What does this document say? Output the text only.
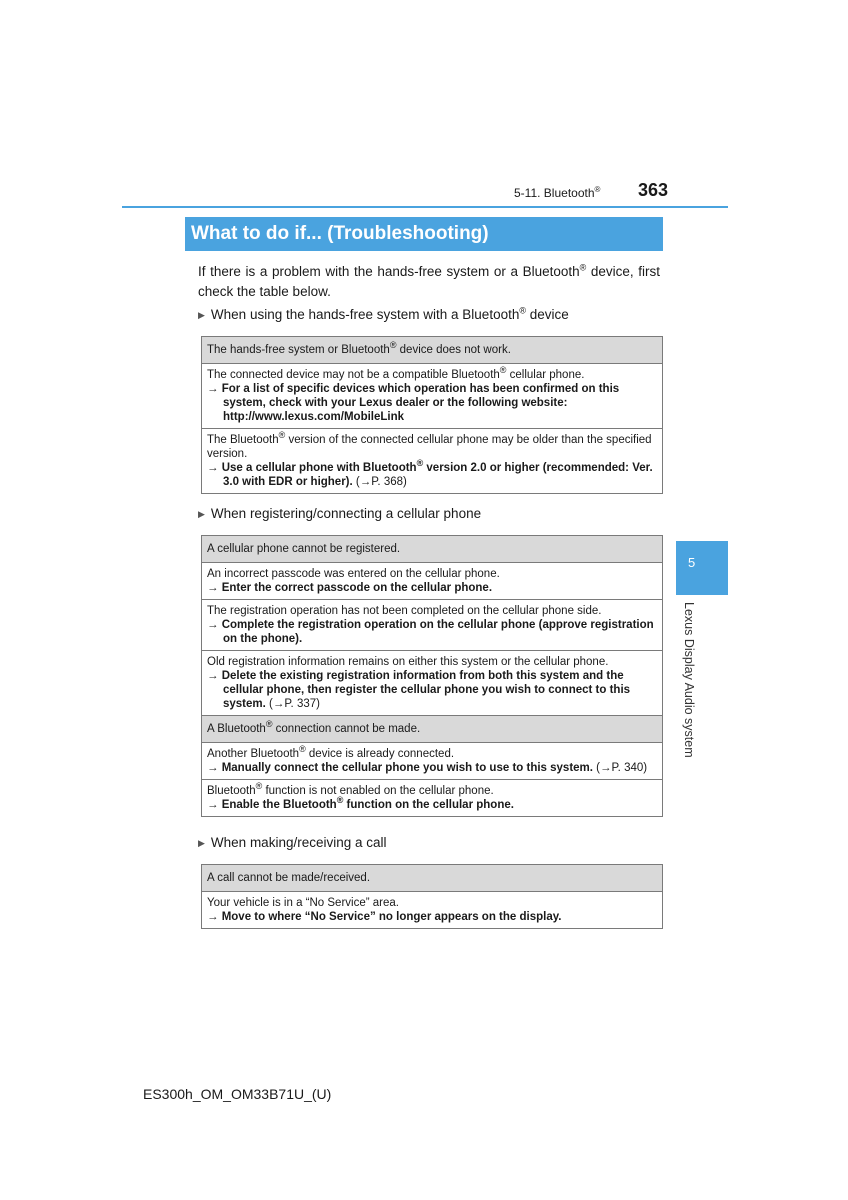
5-11. Bluetooth® 363
What to do if... (Troubleshooting)
If there is a problem with the hands-free system or a Bluetooth® device, first check the table below.
▶ When using the hands-free system with a Bluetooth® device
The hands-free system or Bluetooth® device does not work.

The connected device may not be a compatible Bluetooth® cellular phone.
→ For a list of specific devices which operation has been confirmed on this system, check with your Lexus dealer or the following website: http://www.lexus.com/MobileLink

The Bluetooth® version of the connected cellular phone may be older than the specified version.
→ Use a cellular phone with Bluetooth® version 2.0 or higher (recommended: Ver. 3.0 with EDR or higher). (→P. 368)
▶ When registering/connecting a cellular phone
A cellular phone cannot be registered.

An incorrect passcode was entered on the cellular phone.
→ Enter the correct passcode on the cellular phone.

The registration operation has not been completed on the cellular phone side.
→ Complete the registration operation on the cellular phone (approve registration on the phone).

Old registration information remains on either this system or the cellular phone.
→ Delete the existing registration information from both this system and the cellular phone, then register the cellular phone you wish to connect to this system. (→P. 337)

A Bluetooth® connection cannot be made.

Another Bluetooth® device is already connected.
→ Manually connect the cellular phone you wish to use to this system. (→P. 340)

Bluetooth® function is not enabled on the cellular phone.
→ Enable the Bluetooth® function on the cellular phone.
▶ When making/receiving a call
A call cannot be made/received.

Your vehicle is in a “No Service” area.
→ Move to where “No Service” no longer appears on the display.
5
Lexus Display Audio system
ES300h_OM_OM33B71U_(U)
